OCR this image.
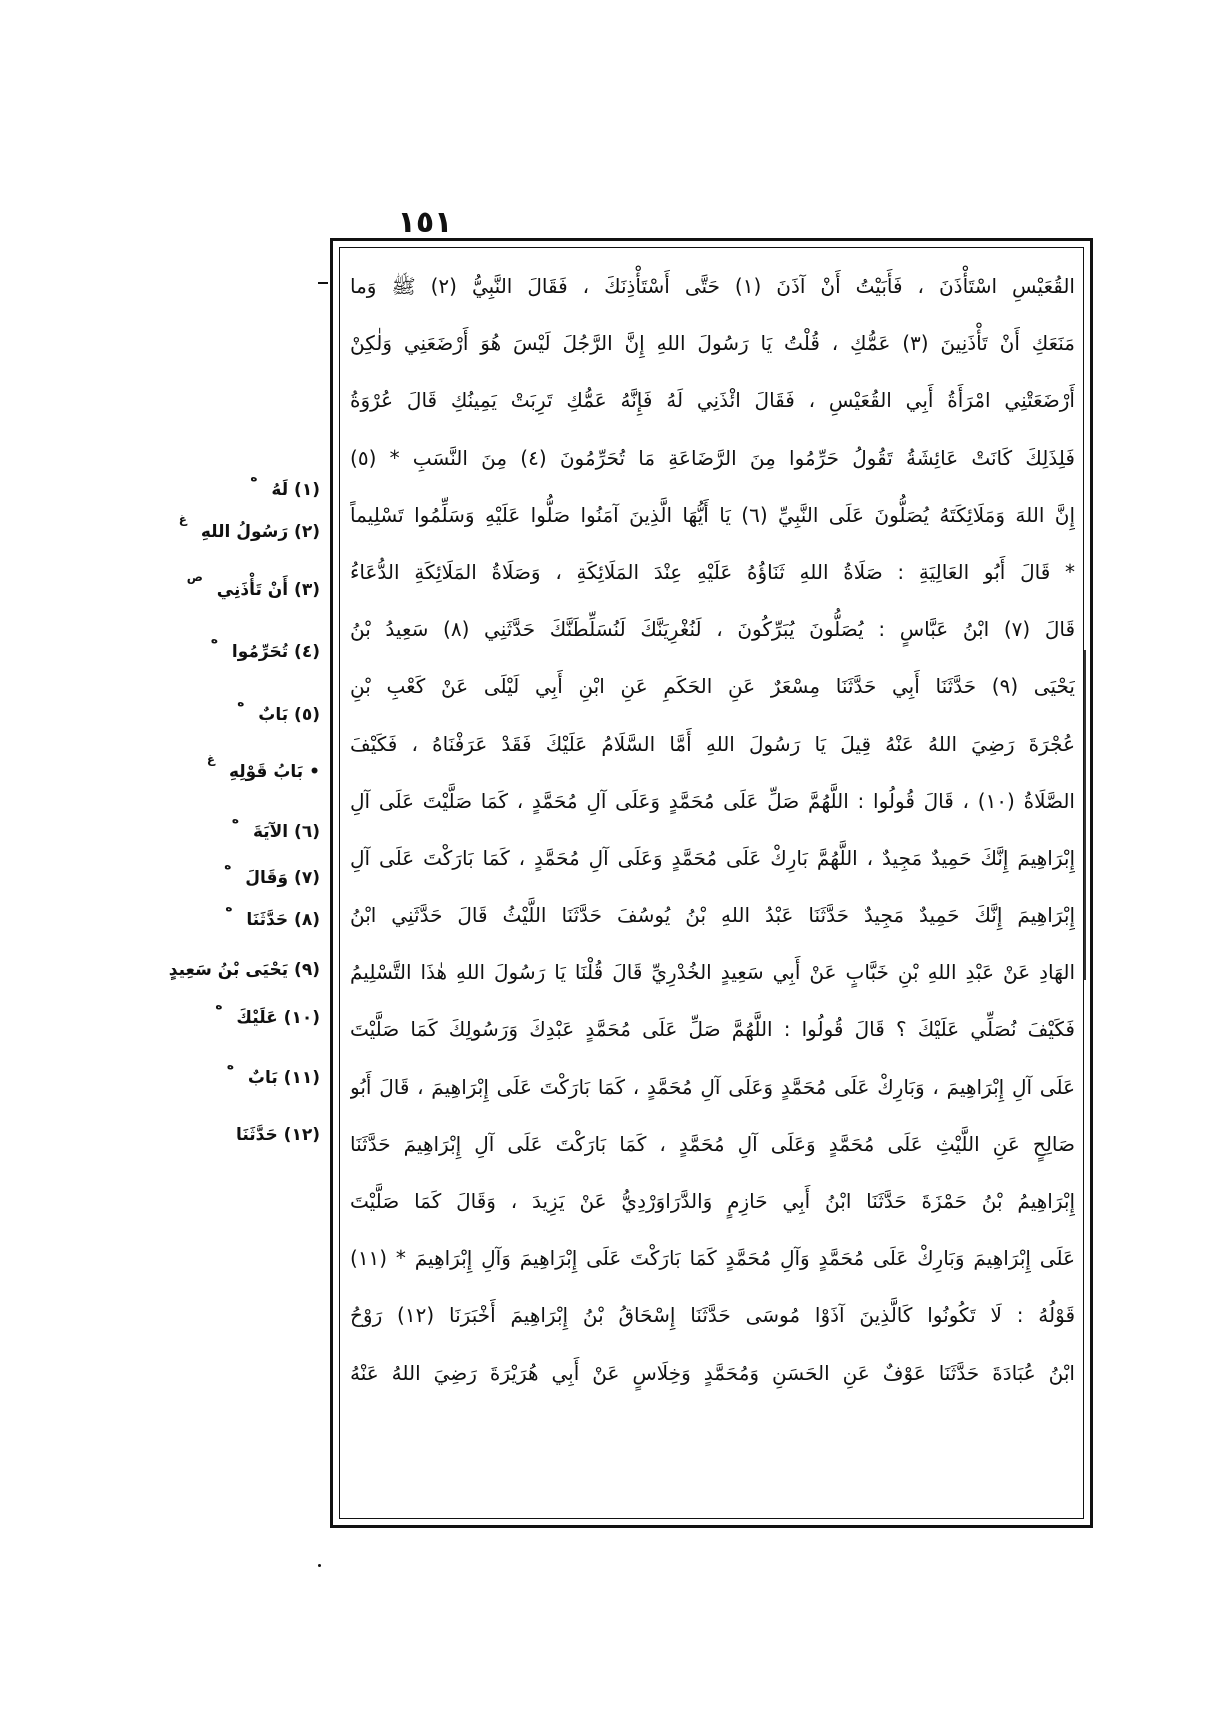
١٥١
القُعَيْسِ اسْتَأْذَنَ ، فَأَبَيْتُ أَنْ آذَنَ (١) حَتَّى أَسْتَأْذِنَكَ ، فَقَالَ النَّبِيُّ (٢) ﷺ وَما
مَنَعَكِ أَنْ تَأْذَنِينَ (٣) عَمُّكِ ، قُلْتُ يَا رَسُولَ اللهِ إِنَّ الرَّجُلَ لَيْسَ هُوَ أَرْضَعَنِي وَلٰكِنْ
أَرْضَعَتْنِي امْرَأَةُ أَبِي القُعَيْسِ ، فَقَالَ ائْذَنِي لَهُ فَإِنَّهُ عَمُّكِ تَرِبَتْ يَمِينُكِ قَالَ عُرْوَةُ
فَلِذَلِكَ كَانَتْ عَائِشَةُ تَقُولُ حَرِّمُوا مِنَ الرَّضَاعَةِ مَا تُحَرِّمُونَ (٤) مِنَ النَّسَبِ * (٥)
إِنَّ اللهَ وَمَلَائِكَتَهُ يُصَلُّونَ عَلَى النَّبِيِّ (٦) يَا أَيُّهَا الَّذِينَ آمَنُوا صَلُّوا عَلَيْهِ وَسَلِّمُوا تَسْلِيماً
* قَالَ أَبُو العَالِيَةِ : صَلَاةُ اللهِ ثَنَاؤُهُ عَلَيْهِ عِنْدَ المَلَائِكَةِ ، وَصَلَاةُ المَلَائِكَةِ الدُّعَاءُ
قَالَ (٧) ابْنُ عَبَّاسٍ : يُصَلُّونَ يُبَرِّكُونَ ، لَنُغْرِيَنَّكَ لَنُسَلِّطَنَّكَ حَدَّثَنِي (٨) سَعِيدُ بْنُ
يَحْيَى (٩) حَدَّثَنَا أَبِي حَدَّثَنَا مِسْعَرٌ عَنِ الحَكَمِ عَنِ ابْنِ أَبِي لَيْلَى عَنْ كَعْبِ بْنِ
عُجْرَةَ رَضِيَ اللهُ عَنْهُ قِيلَ يَا رَسُولَ اللهِ أَمَّا السَّلَامُ عَلَيْكَ فَقَدْ عَرَفْنَاهُ ، فَكَيْفَ
الصَّلَاةُ (١٠) ، قَالَ قُولُوا : اللَّهُمَّ صَلِّ عَلَى مُحَمَّدٍ وَعَلَى آلِ مُحَمَّدٍ ، كَمَا صَلَّيْتَ عَلَى آلِ
إِبْرَاهِيمَ إِنَّكَ حَمِيدٌ مَجِيدٌ ، اللَّهُمَّ بَارِكْ عَلَى مُحَمَّدٍ وَعَلَى آلِ مُحَمَّدٍ ، كَمَا بَارَكْتَ عَلَى آلِ
إِبْرَاهِيمَ إِنَّكَ حَمِيدٌ مَجِيدٌ حَدَّثَنَا عَبْدُ اللهِ بْنُ يُوسُفَ حَدَّثَنَا اللَّيْثُ قَالَ حَدَّثَنِي ابْنُ
الهَادِ عَنْ عَبْدِ اللهِ بْنِ خَبَّابٍ عَنْ أَبِي سَعِيدٍ الخُدْرِيِّ قَالَ قُلْنَا يَا رَسُولَ اللهِ هٰذَا التَّسْلِيمُ
فَكَيْفَ نُصَلِّي عَلَيْكَ ؟ قَالَ قُولُوا : اللَّهُمَّ صَلِّ عَلَى مُحَمَّدٍ عَبْدِكَ وَرَسُولِكَ كَمَا صَلَّيْتَ
عَلَى آلِ إِبْرَاهِيمَ ، وَبَارِكْ عَلَى مُحَمَّدٍ وَعَلَى آلِ مُحَمَّدٍ ، كَمَا بَارَكْتَ عَلَى إِبْرَاهِيمَ ، قَالَ أَبُو
صَالِحٍ عَنِ اللَّيْثِ عَلَى مُحَمَّدٍ وَعَلَى آلِ مُحَمَّدٍ ، كَمَا بَارَكْتَ عَلَى آلِ إِبْرَاهِيمَ حَدَّثَنَا
إِبْرَاهِيمُ بْنُ حَمْزَةَ حَدَّثَنَا ابْنُ أَبِي حَازِمٍ وَالدَّرَاوَرْدِيُّ عَنْ يَزِيدَ ، وَقَالَ كَمَا صَلَّيْتَ
عَلَى إِبْرَاهِيمَ وَبَارِكْ عَلَى مُحَمَّدٍ وَآلِ مُحَمَّدٍ كَمَا بَارَكْتَ عَلَى إِبْرَاهِيمَ وَآلِ إِبْرَاهِيمَ * (١١)
قَوْلُهُ : لَا تَكُونُوا كَالَّذِينَ آذَوْا مُوسَى حَدَّثَنَا إِسْحَاقُ بْنُ إِبْرَاهِيمَ أَخْبَرَنَا (١٢) رَوْحُ
ابْنُ عُبَادَةَ حَدَّثَنَا عَوْفٌ عَنِ الحَسَنِ وَمُحَمَّدٍ وَخِلَاسٍ عَنْ أَبِي هُرَيْرَةَ رَضِيَ اللهُ عَنْهُ
(١) لَهُ $^ه$
(٢) رَسُولُ اللهِ $^غ$
(٣) أَنْ تَأْذَنِي $^ص$
(٤) تُحَرِّمُوا $^ه$
(٥) بَابٌ $^ه$
• بَابُ قَوْلِهِ $^غ$
(٦) الآيَةَ $^ه$
(٧) وَقَالَ $^ه$
(٨) حَدَّثَنَا $^ه$
(٩) يَحْيَى بْنُ سَعِيدٍ
(١٠) عَلَيْكَ $^ه$
(١١) بَابٌ $^ه$
(١٢) حَدَّثَنَا
